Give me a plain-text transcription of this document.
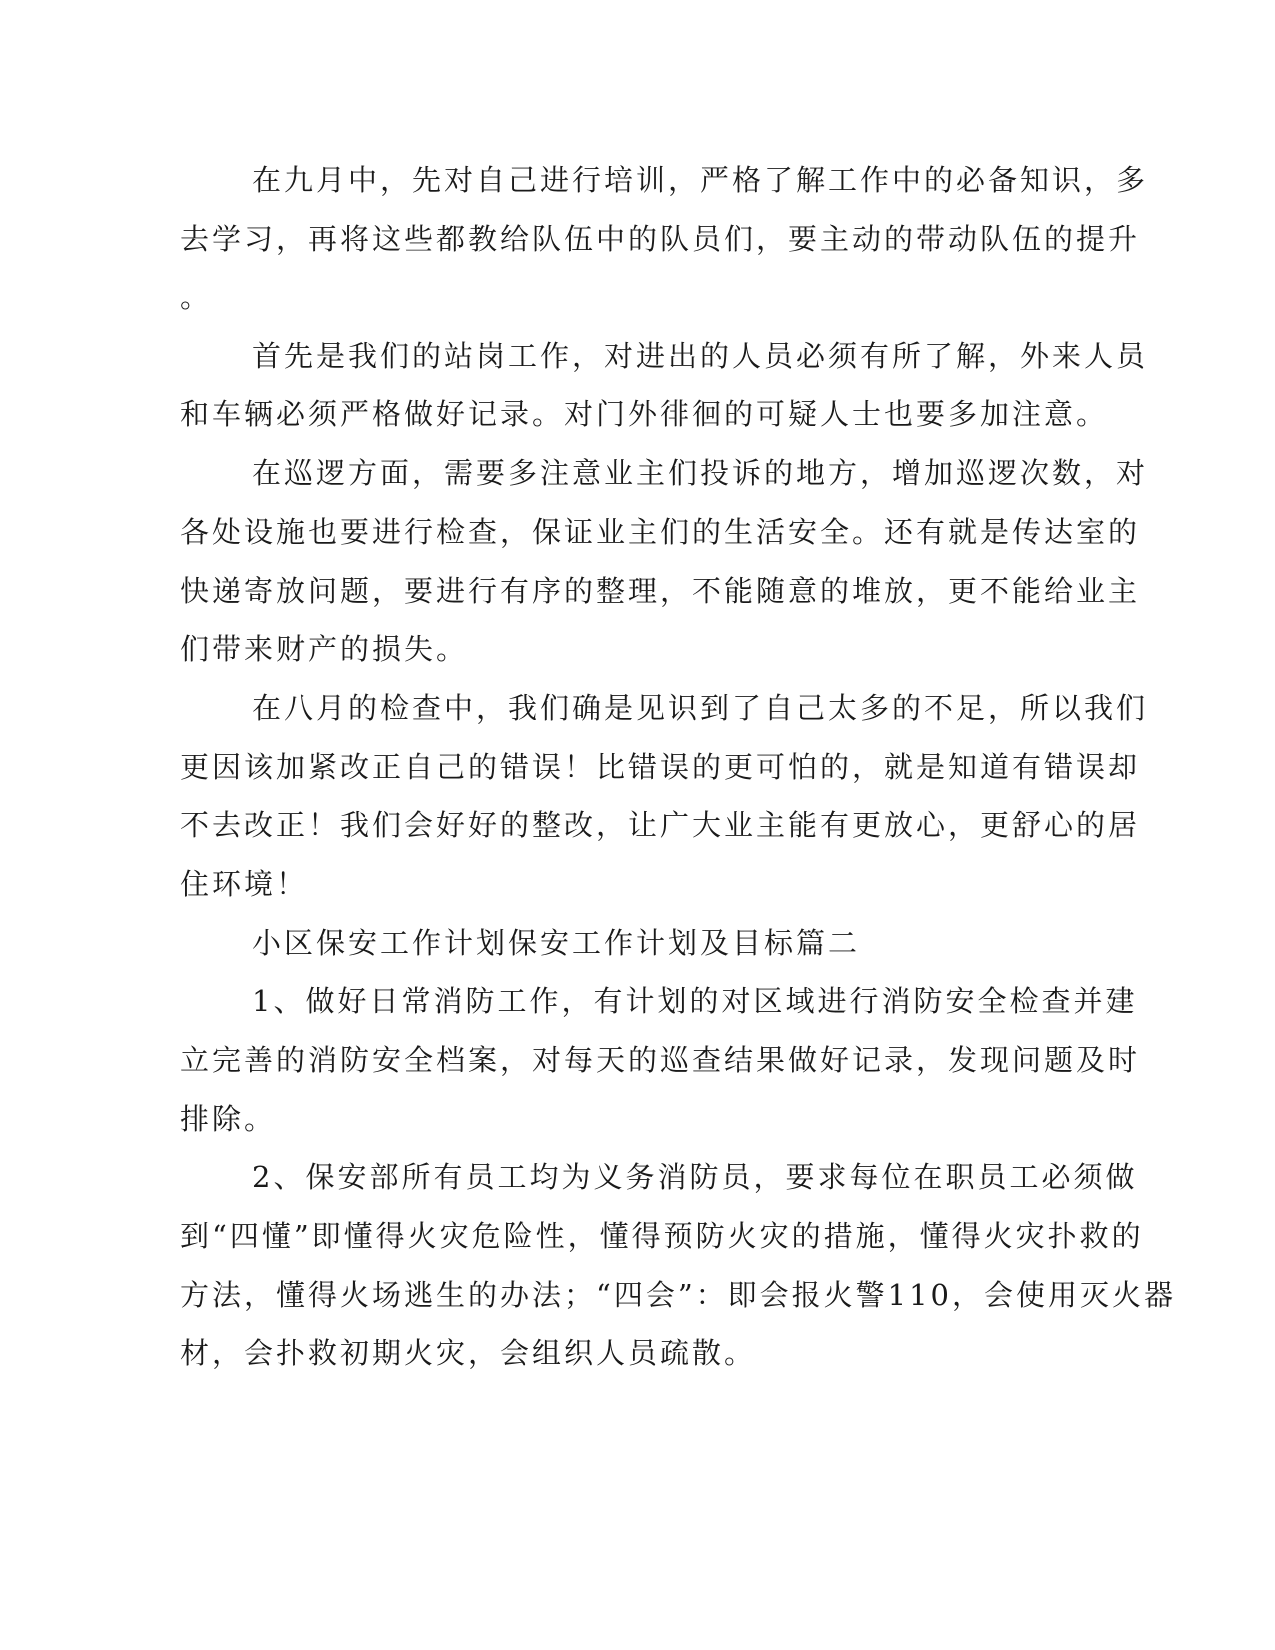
在九月中，先对自己进行培训，严格了解工作中的必备知识，多

去学习，再将这些都教给队伍中的队员们，要主动的带动队伍的提升

。

首先是我们的站岗工作，对进出的人员必须有所了解，外来人员

和车辆必须严格做好记录。对门外徘徊的可疑人士也要多加注意。

在巡逻方面，需要多注意业主们投诉的地方，增加巡逻次数，对

各处设施也要进行检查，保证业主们的生活安全。还有就是传达室的

快递寄放问题，要进行有序的整理，不能随意的堆放，更不能给业主

们带来财产的损失。

在八月的检查中，我们确是见识到了自己太多的不足，所以我们

更因该加紧改正自己的错误！比错误的更可怕的，就是知道有错误却

不去改正！我们会好好的整改，让广大业主能有更放心，更舒心的居

住环境！

小区保安工作计划保安工作计划及目标篇二

1、做好日常消防工作，有计划的对区域进行消防安全检查并建

立完善的消防安全档案，对每天的巡查结果做好记录，发现问题及时

排除。

2、保安部所有员工均为义务消防员，要求每位在职员工必须做

到“四懂”即懂得火灾危险性，懂得预防火灾的措施，懂得火灾扑救的

方法，懂得火场逃生的办法；“四会”：即会报火警110，会使用灭火器

材，会扑救初期火灾，会组织人员疏散。
